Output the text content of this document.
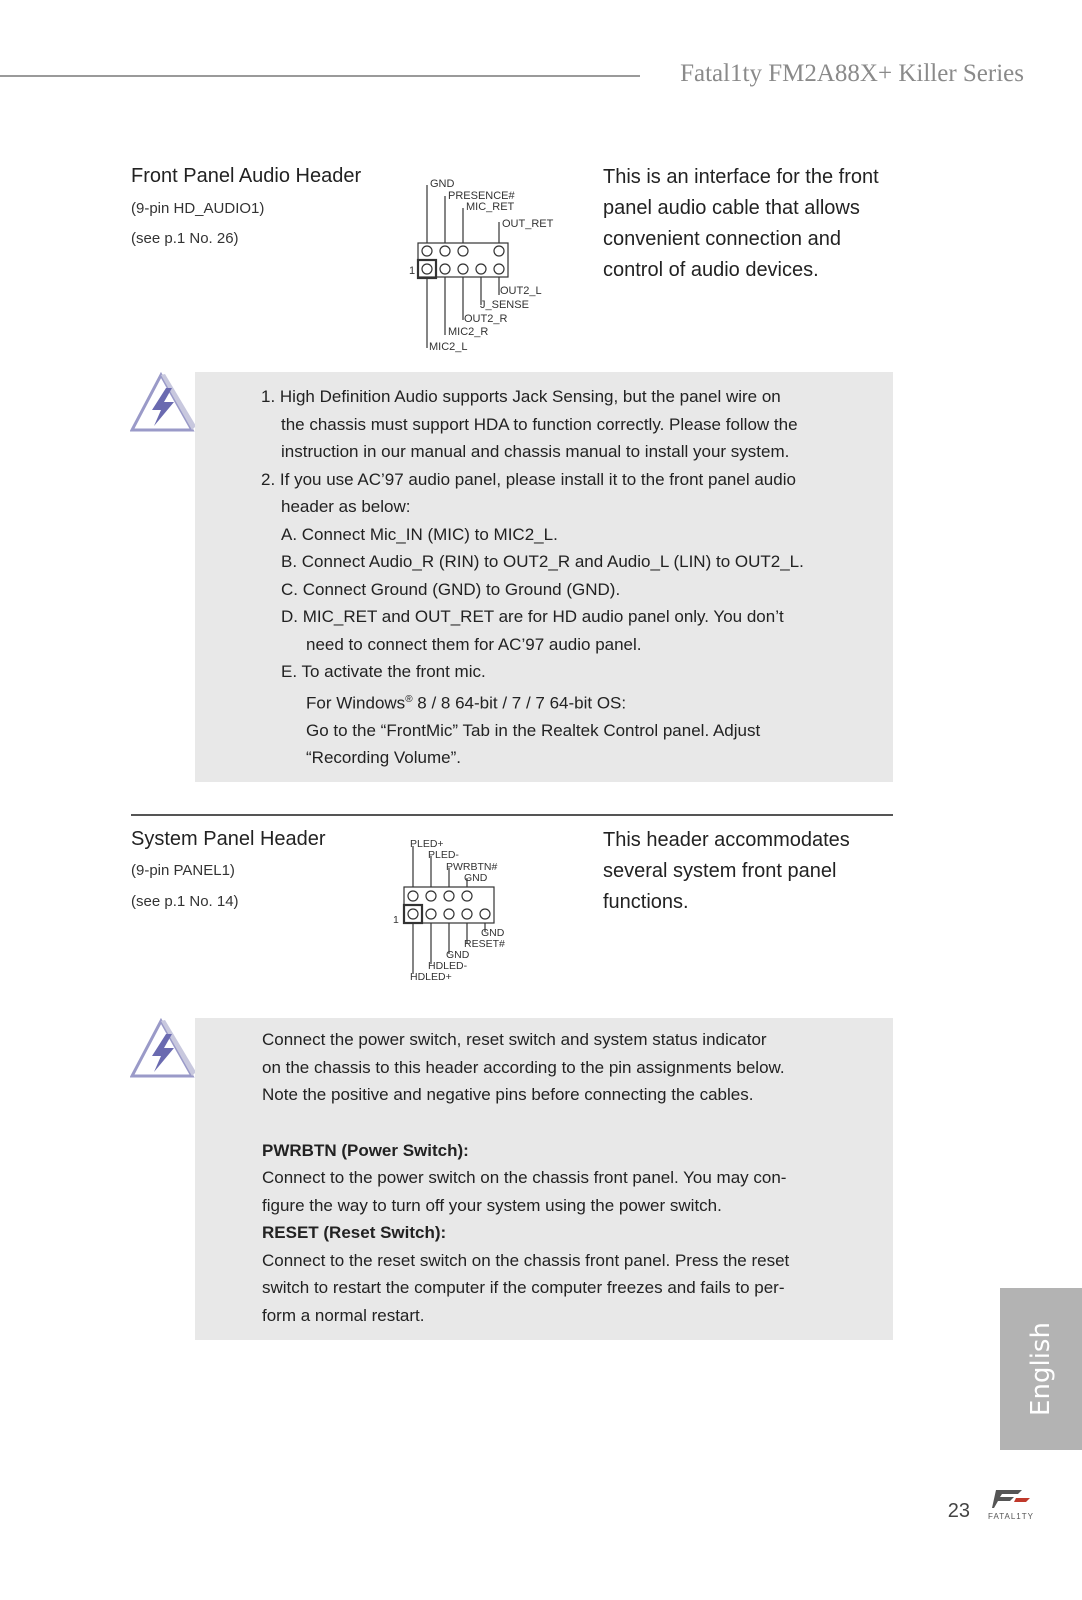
Fatal1ty FM2A88X+ Killer Series
Front Panel Audio Header
(9-pin HD_AUDIO1)
(see p.1 No. 26)
GND
PRESENCE#
MIC_RET
OUT_RET
1
OUT2_L
J_SENSE
OUT2_R
MIC2_R
MIC2_L
This is an interface for the front
panel audio cable that allows
convenient connection and
control of audio devices.
1. High Definition Audio supports Jack Sensing, but the panel wire on
the chassis must support HDA to function correctly. Please follow the
instruction in our manual and chassis manual to install your system.
2. If you use AC’97 audio panel, please install it to the front panel audio
header as below:
A. Connect Mic_IN (MIC) to MIC2_L.
B. Connect Audio_R (RIN) to OUT2_R and Audio_L (LIN) to OUT2_L.
C. Connect Ground (GND) to Ground (GND).
D. MIC_RET and OUT_RET are for HD audio panel only. You don’t
need to connect them for AC’97 audio panel.
E. To activate the front mic.
For Windows® 8 / 8 64-bit / 7 / 7 64-bit OS:
Go to the “FrontMic” Tab in the Realtek Control panel. Adjust
“Recording Volume”.
System Panel Header
(9-pin PANEL1)
(see p.1 No. 14)
PLED+
PLED-
PWRBTN#
GND
1
GND
RESET#
GND
HDLED-
HDLED+
This header accommodates
several system front panel
functions.
Connect the power switch, reset switch and system status indicator
on the chassis to this header according to the pin assignments below.
Note the positive and negative pins before connecting the cables.
PWRBTN (Power Switch):
Connect to the power switch on the chassis front panel. You may con-
figure the way to turn off your system using the power switch.
RESET (Reset Switch):
Connect to the reset switch on the chassis front panel. Press the reset
switch to restart the computer if the computer freezes and fails to per-
form a normal restart.
English
23 FATAL1TY
